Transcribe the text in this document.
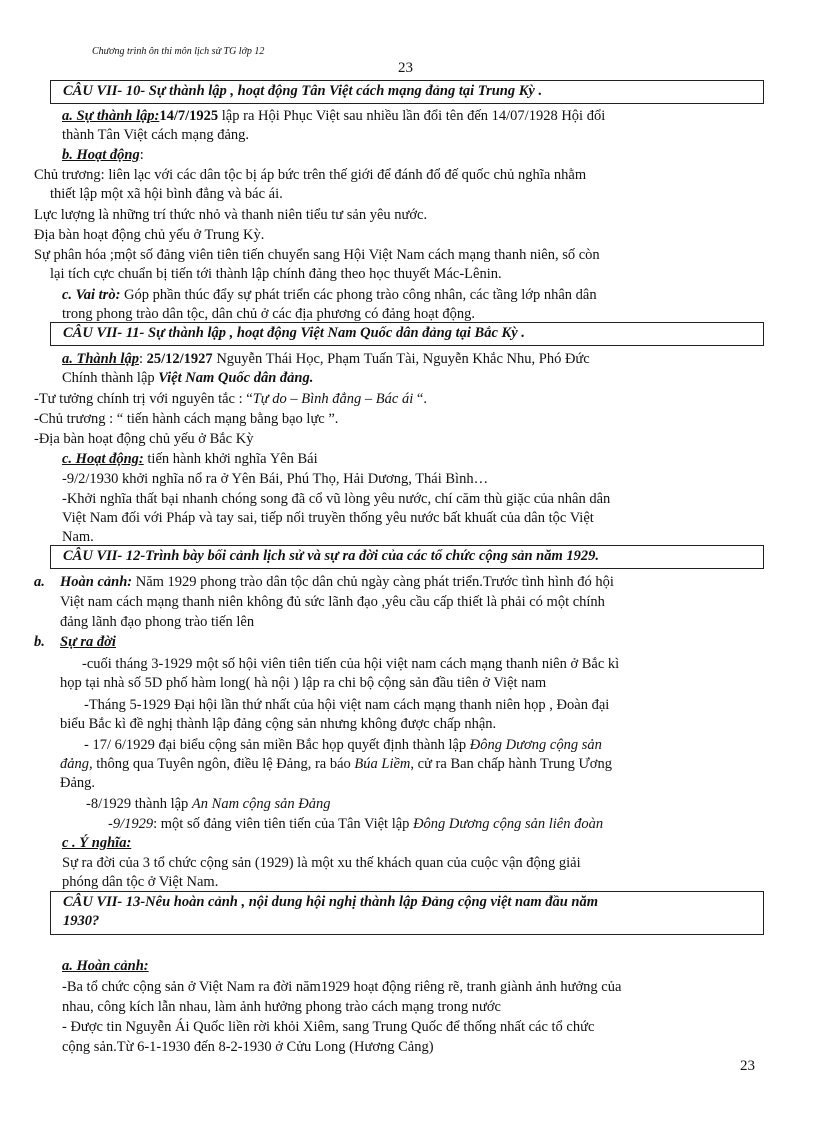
Chương trình ôn thi môn lịch sử TG lớp 12
23
CÂU VII- 10- Sự thành lập , hoạt động Tân Việt cách mạng đảng tại Trung Kỳ .
a. Sự thành lập:14/7/1925 lập ra Hội Phục Việt sau nhiều lần đổi tên đến 14/07/1928 Hội đổi
thành Tân Việt cách mạng đảng.
b. Hoạt động:
Chủ trương: liên lạc với các dân tộc bị áp bức trên thế giới để đánh đổ đế quốc chủ nghĩa nhằm
thiết lập một xã hội bình đẳng và bác ái.
Lực lượng là những trí thức nhỏ và thanh niên tiểu tư sản yêu nước.
Địa bàn hoạt động chủ yếu ở Trung Kỳ.
Sự phân hóa ;một số đảng viên tiên tiến chuyển sang Hội Việt Nam cách mạng thanh niên, số còn
lại tích cực chuẩn bị tiến tới thành lập chính đảng theo học thuyết Mác-Lênin.
c. Vai trò: Góp phần thúc đẩy sự phát triển các phong trào công nhân, các tầng lớp nhân dân
trong phong trào dân tộc, dân chủ ở các địa phương có đảng hoạt động.
CÂU VII- 11- Sự thành lập , hoạt động Việt Nam Quốc dân đảng tại Bắc Kỳ .
a. Thành lập: 25/12/1927 Nguyễn Thái Học, Phạm Tuấn Tài, Nguyễn Khắc Nhu, Phó Đức
Chính thành lập Việt Nam Quốc dân đảng.
-Tư tưởng chính trị với nguyên tắc : “Tự do – Bình đẳng – Bác ái “.
-Chủ trương : “ tiến hành cách mạng bằng bạo lực ”.
-Địa bàn hoạt động chủ yếu ở Bắc Kỳ
c. Hoạt động: tiến hành khởi nghĩa Yên Bái
-9/2/1930 khởi nghĩa nổ ra ở Yên Bái, Phú Thọ, Hải Dương, Thái Bình…
-Khởi nghĩa thất bại nhanh chóng song đã cổ vũ lòng yêu nước, chí căm thù giặc của nhân dân
Việt Nam đối với Pháp và tay sai, tiếp nối truyền thống yêu nước bất khuất của dân tộc Việt
Nam.
CÂU VII- 12-Trình bày bối cảnh lịch sử và sự ra đời của các tổ chức cộng sản năm 1929.
a. Hoàn cảnh: Năm 1929 phong trào dân tộc dân chủ ngày càng phát triển.Trước tình hình đó hội
Việt nam cách mạng thanh niên không đủ sức lãnh đạo ,yêu cầu cấp thiết là phải có một chính
đảng lãnh đạo phong trào tiến lên
b. Sự ra đời
-cuối tháng 3-1929 một số hội viên tiên tiến của hội việt nam cách mạng thanh niên ở Bắc kì
họp tại nhà số 5D phố hàm long( hà nội ) lập ra chi bộ cộng sản đầu tiên ở Việt nam
-Tháng 5-1929 Đại hội lần thứ nhất của hội việt nam cách mạng thanh niên họp , Đoàn đại
biểu Bắc kì đề nghị thành lập đảng cộng sản nhưng không được chấp nhận.
- 17/ 6/1929 đại biểu cộng sản miền Bắc họp quyết định thành lập Đông Dương cộng sản
đảng, thông qua Tuyên ngôn, điều lệ Đảng, ra báo Búa Liềm, cử ra Ban chấp hành Trung Ương
Đảng.
-8/1929 thành lập An Nam cộng sản Đảng
-9/1929: một số đảng viên tiên tiến của Tân Việt lập Đông Dương cộng sản liên đoàn
c . Ý nghĩa:
Sự ra đời của 3 tổ chức cộng sản (1929) là một xu thế khách quan của cuộc vận động giải
phóng dân tộc ở Việt Nam.
CÂU VII- 13-Nêu hoàn cảnh , nội dung hội nghị thành lập Đảng cộng việt nam đầu năm
1930?
a. Hoàn cảnh:
-Ba tổ chức cộng sản ở Việt Nam ra đời năm1929 hoạt động riêng rẽ, tranh giành ảnh hưởng của
nhau, công kích lẫn nhau, làm ảnh hưởng phong trào cách mạng trong nước
- Được tin Nguyễn Ái Quốc liền rời khỏi Xiêm, sang Trung Quốc để thống nhất các tổ chức
cộng sản.Từ 6-1-1930 đến 8-2-1930 ở Cửu Long (Hương Cảng)
23
